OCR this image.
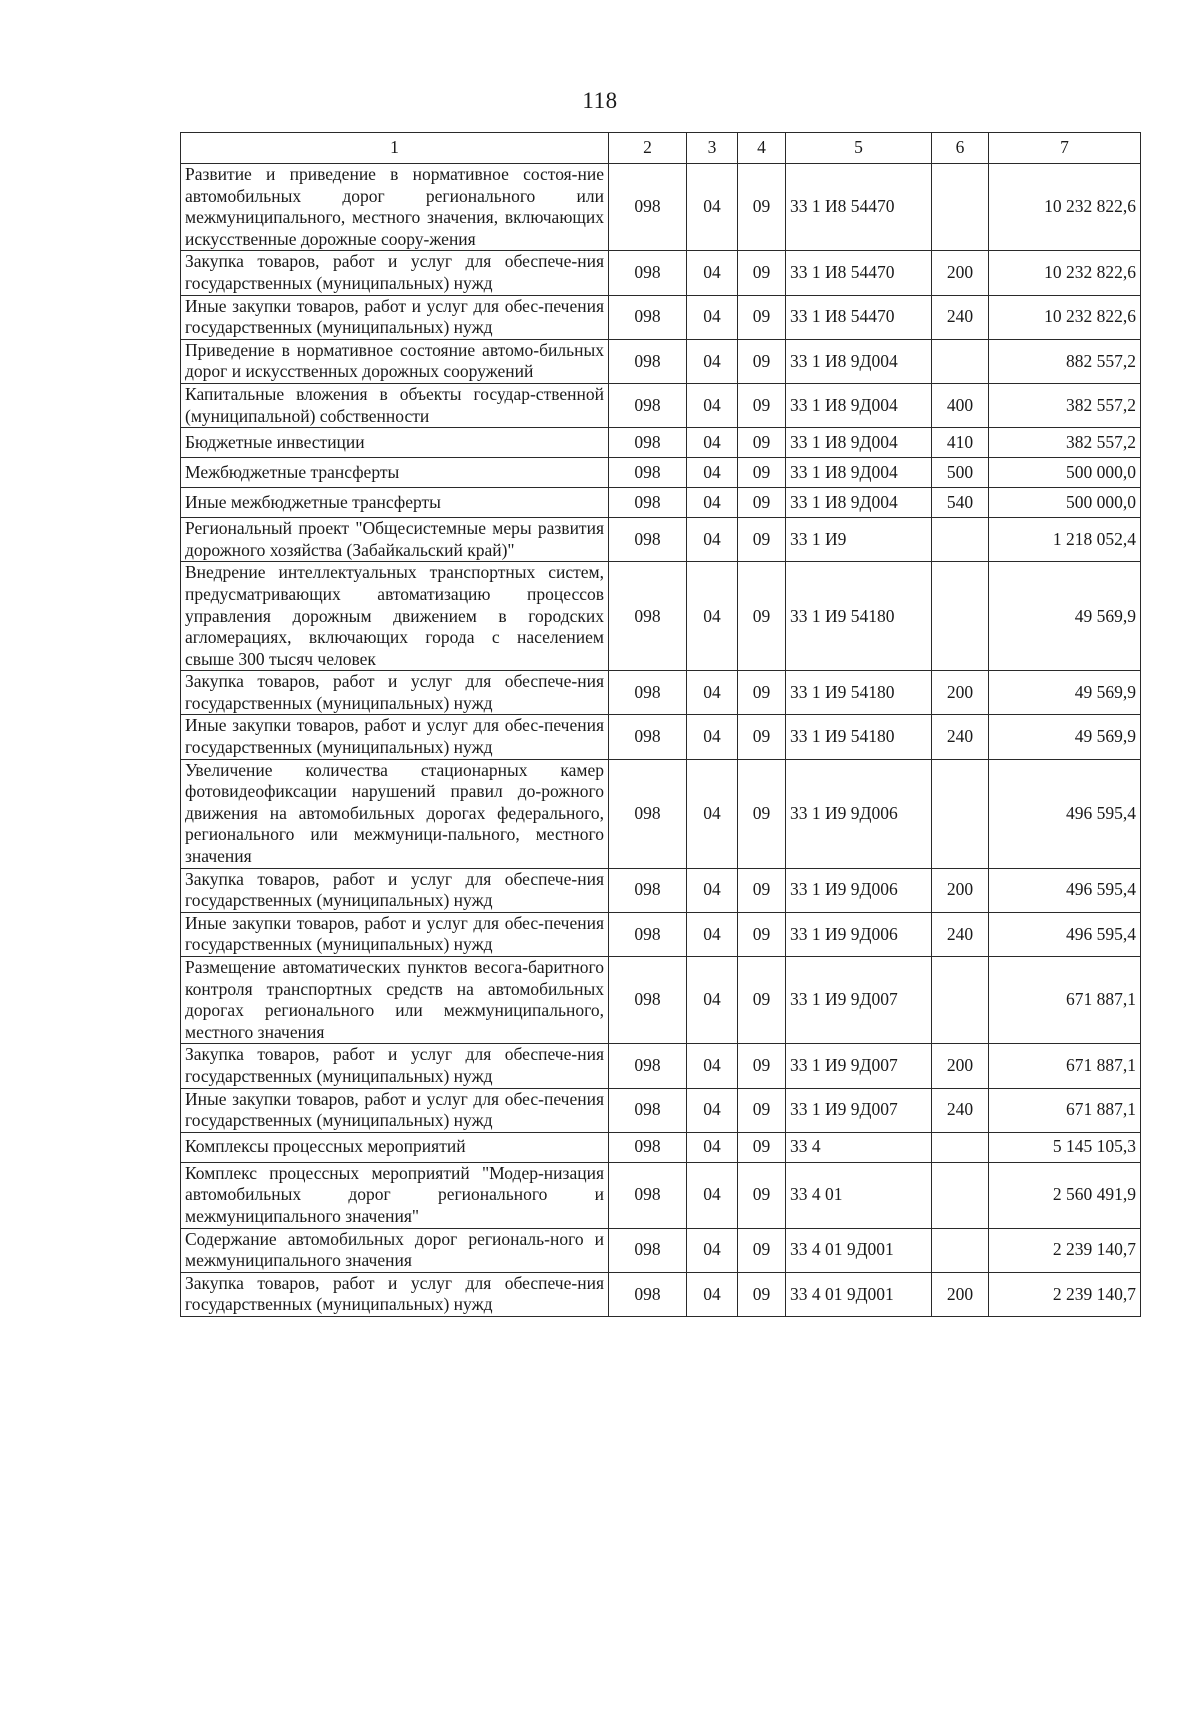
118
1	2	3	4	5	6	7
Развитие и приведение в нормативное состоя-ние автомобильных дорог регионального или межмуниципального, местного значения, включающих искусственные дорожные соору-жения	098	04	09	33 1 И8 54470		10 232 822,6
Закупка товаров, работ и услуг для обеспече-ния государственных (муниципальных) нужд	098	04	09	33 1 И8 54470	200	10 232 822,6
Иные закупки товаров, работ и услуг для обес-печения государственных (муниципальных) нужд	098	04	09	33 1 И8 54470	240	10 232 822,6
Приведение в нормативное состояние автомо-бильных дорог и искусственных дорожных сооружений	098	04	09	33 1 И8 9Д004		882 557,2
Капитальные вложения в объекты государ-ственной (муниципальной) собственности	098	04	09	33 1 И8 9Д004	400	382 557,2
Бюджетные инвестиции	098	04	09	33 1 И8 9Д004	410	382 557,2
Межбюджетные трансферты	098	04	09	33 1 И8 9Д004	500	500 000,0
Иные межбюджетные трансферты	098	04	09	33 1 И8 9Д004	540	500 000,0
Региональный проект "Общесистемные меры развития дорожного хозяйства (Забайкальский край)"	098	04	09	33 1 И9		1 218 052,4
Внедрение интеллектуальных транспортных систем, предусматривающих автоматизацию процессов управления дорожным движением в городских агломерациях, включающих города с населением свыше 300 тысяч человек	098	04	09	33 1 И9 54180		49 569,9
Закупка товаров, работ и услуг для обеспече-ния государственных (муниципальных) нужд	098	04	09	33 1 И9 54180	200	49 569,9
Иные закупки товаров, работ и услуг для обес-печения государственных (муниципальных) нужд	098	04	09	33 1 И9 54180	240	49 569,9
Увеличение количества стационарных камер фотовидеофиксации нарушений правил до-рожного движения на автомобильных дорогах федерального, регионального или межмуници-пального, местного значения	098	04	09	33 1 И9 9Д006		496 595,4
Закупка товаров, работ и услуг для обеспече-ния государственных (муниципальных) нужд	098	04	09	33 1 И9 9Д006	200	496 595,4
Иные закупки товаров, работ и услуг для обес-печения государственных (муниципальных) нужд	098	04	09	33 1 И9 9Д006	240	496 595,4
Размещение автоматических пунктов весога-баритного контроля транспортных средств на автомобильных дорогах регионального или межмуниципального, местного значения	098	04	09	33 1 И9 9Д007		671 887,1
Закупка товаров, работ и услуг для обеспече-ния государственных (муниципальных) нужд	098	04	09	33 1 И9 9Д007	200	671 887,1
Иные закупки товаров, работ и услуг для обес-печения государственных (муниципальных) нужд	098	04	09	33 1 И9 9Д007	240	671 887,1
Комплексы процессных мероприятий	098	04	09	33 4		5 145 105,3
Комплекс процессных мероприятий "Модер-низация автомобильных дорог регионального и межмуниципального значения"	098	04	09	33 4 01		2 560 491,9
Содержание автомобильных дорог региональ-ного и межмуниципального значения	098	04	09	33 4 01 9Д001		2 239 140,7
Закупка товаров, работ и услуг для обеспече-ния государственных (муниципальных) нужд	098	04	09	33 4 01 9Д001	200	2 239 140,7
